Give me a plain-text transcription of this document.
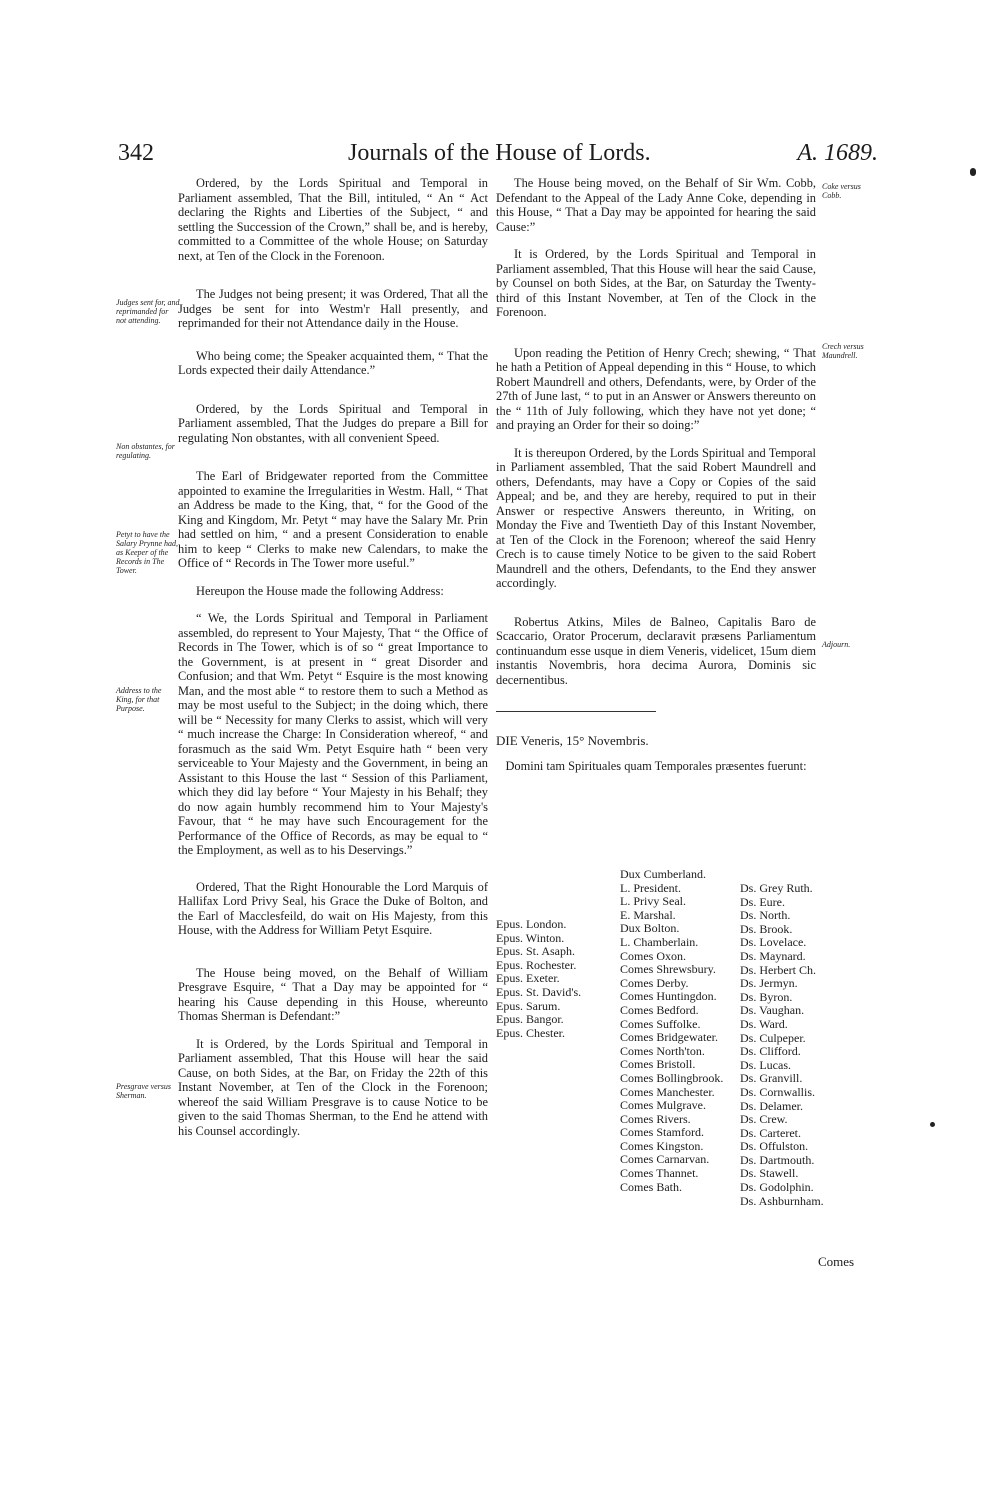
342	Journals of the House of Lords.	A. 1689.

Ordered, by the Lords Spiritual and Temporal in Parliament assembled, That the Bill, intituled, “ An “ Act declaring the Rights and Liberties of the Subject, “ and settling the Succession of the Crown,” shall be, and is hereby, committed to a Committee of the whole House; on Saturday next, at Ten of the Clock in the Forenoon.

The Judges not being present; it was Ordered, That all the Judges be sent for into Westm'r Hall presently, and reprimanded for their not Attendance daily in the House.

Who being come; the Speaker acquainted them, “ That the Lords expected their daily Attendance.”

Ordered, by the Lords Spiritual and Temporal in Parliament assembled, That the Judges do prepare a Bill for regulating Non obstantes, with all convenient Speed.

The Earl of Bridgewater reported from the Committee appointed to examine the Irregularities in Westm. Hall, “ That an Address be made to the King, that, “ for the Good of the King and Kingdom, Mr. Petyt “ may have the Salary Mr. Prin had settled on him, “ and a present Consideration to enable him to keep “ Clerks to make new Calendars, to make the Office of “ Records in The Tower more useful.”

Hereupon the House made the following Address:

“ We, the Lords Spiritual and Temporal in Parliament assembled, do represent to Your Majesty, That “ the Office of Records in The Tower, which is of so “ great Importance to the Government, is at present in “ great Disorder and Confusion; and that Wm. Petyt “ Esquire is the most knowing Man, and the most able “ to restore them to such a Method as may be most useful to the Subject; in the doing which, there will be “ Necessity for many Clerks to assist, which will very “ much increase the Charge: In Consideration whereof, “ and forasmuch as the said Wm. Petyt Esquire hath “ been very serviceable to Your Majesty and the Government, in being an Assistant to this House the last “ Session of this Parliament, which they did lay before “ Your Majesty in his Behalf; they do now again humbly recommend him to Your Majesty's Favour, that “ he may have such Encouragement for the Performance of the Office of Records, as may be equal to “ the Employment, as well as to his Deservings.”

Ordered, That the Right Honourable the Lord Marquis of Hallifax Lord Privy Seal, his Grace the Duke of Bolton, and the Earl of Macclesfeild, do wait on His Majesty, from this House, with the Address for William Petyt Esquire.

The House being moved, on the Behalf of William Presgrave Esquire, “ That a Day may be appointed for “ hearing his Cause depending in this House, whereunto Thomas Sherman is Defendant:”

It is Ordered, by the Lords Spiritual and Temporal in Parliament assembled, That this House will hear the said Cause, on both Sides, at the Bar, on Friday the 22th of this Instant November, at Ten of the Clock in the Forenoon; whereof the said William Presgrave is to cause Notice to be given to the said Thomas Sherman, to the End he attend with his Counsel accordingly.

Judges sent for, and reprimanded for not attending.
Non obstantes, for regulating.
Petyt to have the Salary Prynne had, as Keeper of the Records in The Tower.
Address to the King, for that Purpose.
Presgrave versus Sherman.

The House being moved, on the Behalf of Sir Wm. Cobb, Defendant to the Appeal of the Lady Anne Coke, depending in this House, “ That a Day may be appointed for hearing the said Cause:”

It is Ordered, by the Lords Spiritual and Temporal in Parliament assembled, That this House will hear the said Cause, by Counsel on both Sides, at the Bar, on Saturday the Twenty-third of this Instant November, at Ten of the Clock in the Forenoon.

Upon reading the Petition of Henry Crech; shewing, “ That he hath a Petition of Appeal depending in this “ House, to which Robert Maundrell and others, Defendants, were, by Order of the 27th of June last, “ to put in an Answer or Answers thereunto on the “ 11th of July following, which they have not yet done; “ and praying an Order for their so doing:”

It is thereupon Ordered, by the Lords Spiritual and Temporal in Parliament assembled, That the said Robert Maundrell and others, Defendants, may have a Copy or Copies of the said Appeal; and be, and they are hereby, required to put in their Answer or respective Answers thereunto, in Writing, on Monday the Five and Twentieth Day of this Instant November, at Ten of the Clock in the Forenoon; whereof the said Henry Crech is to cause timely Notice to be given to the said Robert Maundrell and the others, Defendants, to the End they answer accordingly.

Robertus Atkins, Miles de Balneo, Capitalis Baro de Scaccario, Orator Procerum, declaravit præsens Parliamentum continuandum esse usque in diem Veneris, videlicet, 15um diem instantis Novembris, hora decima Aurora, Dominis sic decernentibus.

DIE Veneris, 15° Novembris.

Domini tam Spirituales quam Temporales præsentes fuerunt:

Coke versus Cobb.
Crech versus Maundrell.
Adjourn.
Epus. London.
Epus. Winton.
Epus. St. Asaph.
Epus. Rochester.
Epus. Exeter.
Epus. St. David's.
Epus. Sarum.
Epus. Bangor.
Epus. Chester.
Dux Cumberland.
L. President.
L. Privy Seal.
E. Marshal.
Dux Bolton.
L. Chamberlain.
Comes Oxon.
Comes Shrewsbury.
Comes Derby.
Comes Huntingdon.
Comes Bedford.
Comes Suffolke.
Comes Bridgewater.
Comes North'ton.
Comes Bristoll.
Comes Bollingbrook.
Comes Manchester.
Comes Mulgrave.
Comes Rivers.
Comes Stamford.
Comes Kingston.
Comes Carnarvan.
Comes Thannet.
Comes Bath.
Ds. Grey Ruth.
Ds. Eure.
Ds. North.
Ds. Brook.
Ds. Lovelace.
Ds. Maynard.
Ds. Herbert Ch.
Ds. Jermyn.
Ds. Byron.
Ds. Vaughan.
Ds. Ward.
Ds. Culpeper.
Ds. Clifford.
Ds. Lucas.
Ds. Granvill.
Ds. Cornwallis.
Ds. Delamer.
Ds. Crew.
Ds. Carteret.
Ds. Offulston.
Ds. Dartmouth.
Ds. Stawell.
Ds. Godolphin.
Ds. Ashburnham.
Comes
